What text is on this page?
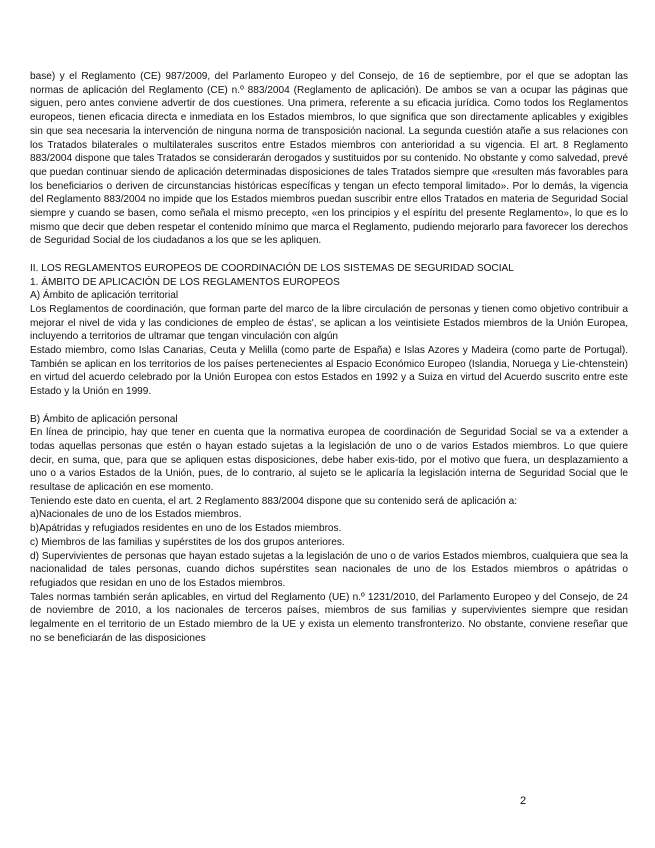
base) y el Reglamento (CE) 987/2009, del Parlamento Europeo y del Consejo, de 16 de septiembre, por el que se adoptan las normas de aplicación del Reglamento (CE) n.º 883/2004 (Reglamento de aplicación). De ambos se van a ocupar las páginas que siguen, pero antes conviene advertir de dos cuestiones. Una primera, referente a su eficacia jurídica. Como todos los Reglamentos europeos, tienen eficacia directa e inmediata en los Estados miembros, lo que significa que son directamente aplicables y exigibles sin que sea necesaria la intervención de ninguna norma de transposición nacional. La segunda cuestión atañe a sus relaciones con los Tratados bilaterales o multilaterales suscritos entre Estados miembros con anterioridad a su vigencia. El art. 8 Reglamento 883/2004 dispone que tales Tratados se considerarán derogados y sustituidos por su contenido. No obstante y como salvedad, prevé que puedan continuar siendo de aplicación determinadas disposiciones de tales Tratados siempre que «resulten más favorables para los beneficiarios o deriven de circunstancias históricas específicas y tengan un efecto temporal limitado». Por lo demás, la vigencia del Reglamento 883/2004 no impide que los Estados miembros puedan suscribir entre ellos Tratados en materia de Seguridad Social siempre y cuando se basen, como señala el mismo precepto, «en los principios y el espíritu del presente Reglamento», lo que es lo mismo que decir que deben respetar el contenido mínimo que marca el Reglamento, pudiendo mejorarlo para favorecer los derechos de Seguridad Social de los ciudadanos a los que se les apliquen.

II. LOS REGLAMENTOS EUROPEOS DE COORDINACIÓN DE LOS SISTEMAS DE SEGURIDAD SOCIAL

1. ÁMBITO DE APLICACIÓN DE LOS REGLAMENTOS EUROPEOS

A) Ámbito de aplicación territorial

Los Reglamentos de coordinación, que forman parte del marco de la libre circulación de personas y tienen como objetivo contribuir a mejorar el nivel de vida y las condiciones de empleo de éstas', se aplican a los veintisiete Estados miembros de la Unión Europea, incluyendo a territorios de ultramar que tengan vinculación con algún

Estado miembro, como Islas Canarias, Ceuta y Melilla (como parte de España) e Islas Azores y Madeira (como parte de Portugal). También se aplican en los territorios de los países pertenecientes al Espacio Económico Europeo (Islandia, Noruega y Lie-chtenstein) en virtud del acuerdo celebrado por la Unión Europea con estos Estados en 1992 y a Suiza en virtud del Acuerdo suscrito entre este Estado y la Unión en 1999.

B) Ámbito de aplicación personal

En línea de principio, hay que tener en cuenta que la normativa europea de coordinación de Seguridad Social se va a extender a todas aquellas personas que estén o hayan estado sujetas a la legislación de uno o de varios Estados miembros. Lo que quiere decir, en suma, que, para que se apliquen estas disposiciones, debe haber exis-tido, por el motivo que fuera, un desplazamiento a uno o a varios Estados de la Unión, pues, de lo contrario, al sujeto se le aplicaría la legislación interna de Seguridad Social que le resultase de aplicación en ese momento.

Teniendo este dato en cuenta, el art. 2 Reglamento 883/2004 dispone que su contenido será de aplicación a:

a)Nacionales de uno de los Estados miembros.

b)Apátridas y refugiados residentes en uno de los Estados miembros.

c) Miembros de las familias y supérstites de los dos grupos anteriores.

d) Supervivientes de personas que hayan estado sujetas a la legislación de uno o de varios Estados miembros, cualquiera que sea la nacionalidad de tales personas, cuando dichos supérstites sean nacionales de uno de los Estados miembros o apátridas o refugiados que residan en uno de los Estados miembros.

Tales normas también serán aplicables, en virtud del Reglamento (UE) n.º 1231/2010, del Parlamento Europeo y del Consejo, de 24 de noviembre de 2010, a los nacionales de terceros países, miembros de sus familias y supervivientes siempre que residan legalmente en el territorio de un Estado miembro de la UE y exista un elemento transfronterizo. No obstante, conviene reseñar que no se beneficiarán de las disposiciones

2
